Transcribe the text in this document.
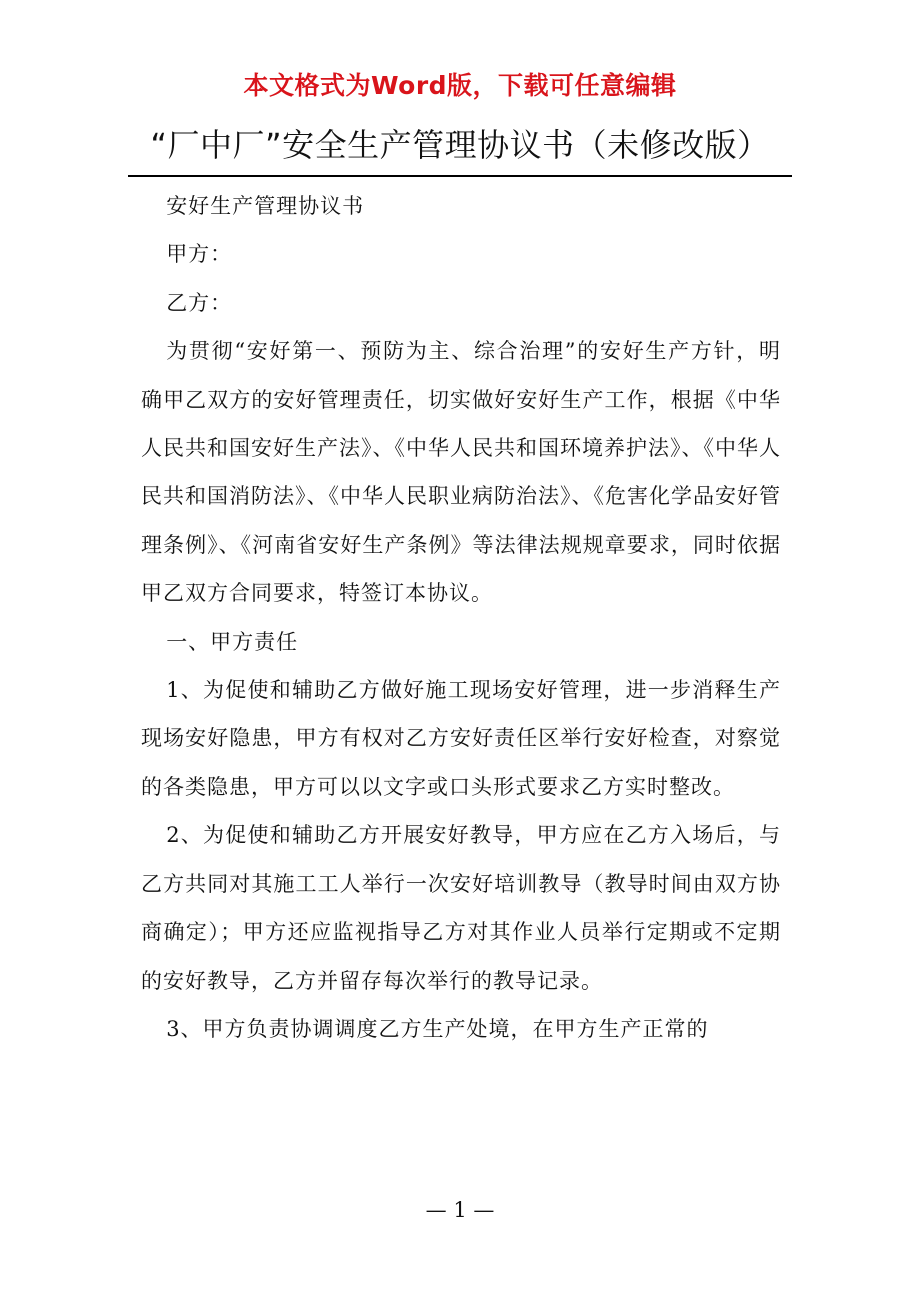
本文格式为Word版，下载可任意编辑
“厂中厂”安全生产管理协议书（未修改版）

安好生产管理协议书

甲方：

乙方：

为贯彻“安好第一、预防为主、综合治理”的安好生产方针，明确甲乙双方的安好管理责任，切实做好安好生产工作，根据《中华人民共和国安好生产法》、《中华人民共和国环境养护法》、《中华人民共和国消防法》、《中华人民职业病防治法》、《危害化学品安好管理条例》、《河南省安好生产条例》等法律法规规章要求，同时依据甲乙双方合同要求，特签订本协议。

一、甲方责任

1、为促使和辅助乙方做好施工现场安好管理，进一步消释生产现场安好隐患，甲方有权对乙方安好责任区举行安好检查，对察觉的各类隐患，甲方可以以文字或口头形式要求乙方实时整改。

2、为促使和辅助乙方开展安好教导，甲方应在乙方入场后，与乙方共同对其施工工人举行一次安好培训教导（教导时间由双方协商确定）；甲方还应监视指导乙方对其作业人员举行定期或不定期的安好教导，乙方并留存每次举行的教导记录。

3、甲方负责协调调度乙方生产处境，在甲方生产正常的

— 1 —
